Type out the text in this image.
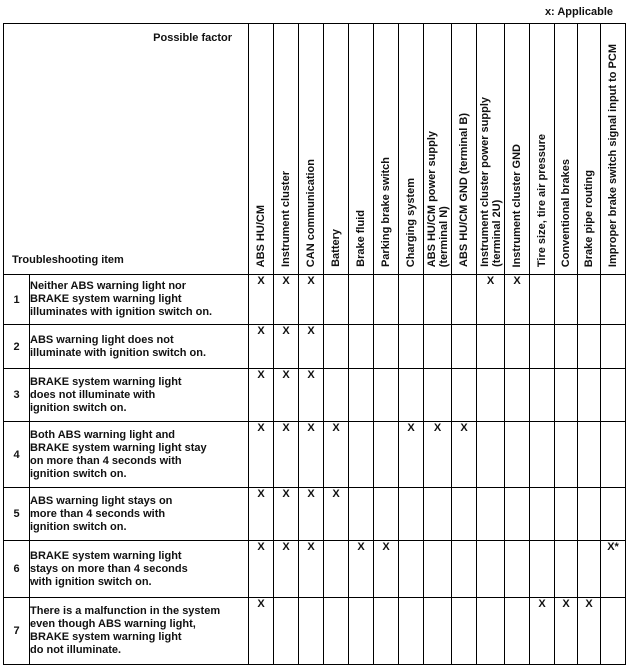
x: Applicable
Possible factor
Troubleshooting item		ABS HU/CM	Instrument cluster	CAN communication	Battery	Brake fluid	Parking brake switch	Charging system	ABS HU/CM power supply (terminal N)	ABS HU/CM GND (terminal B)	Instrument cluster power supply (terminal 2U)	Instrument cluster GND	Tire size, tire air pressure	Conventional brakes	Brake pipe routing	Improper brake switch signal input to PCM

1	Neither ABS warning light nor
BRAKE system warning light
illuminates with ignition switch on.	X	X	X							X	X				
2	ABS warning light does not
illuminate with ignition switch on.	X	X	X												
3	BRAKE system warning light
does not illuminate with
ignition switch on.	X	X	X												
4	Both ABS warning light and
BRAKE system warning light stay
on more than 4 seconds with
ignition switch on.	X	X	X	X			X	X	X						
5	ABS warning light stays on
more than 4 seconds with
ignition switch on.	X	X	X	X											
6	BRAKE system warning light
stays on more than 4 seconds
with ignition switch on.	X	X	X		X	X									X*
7	There is a malfunction in the system
even though ABS warning light,
BRAKE system warning light
do not illuminate.	X											X	X	X	
